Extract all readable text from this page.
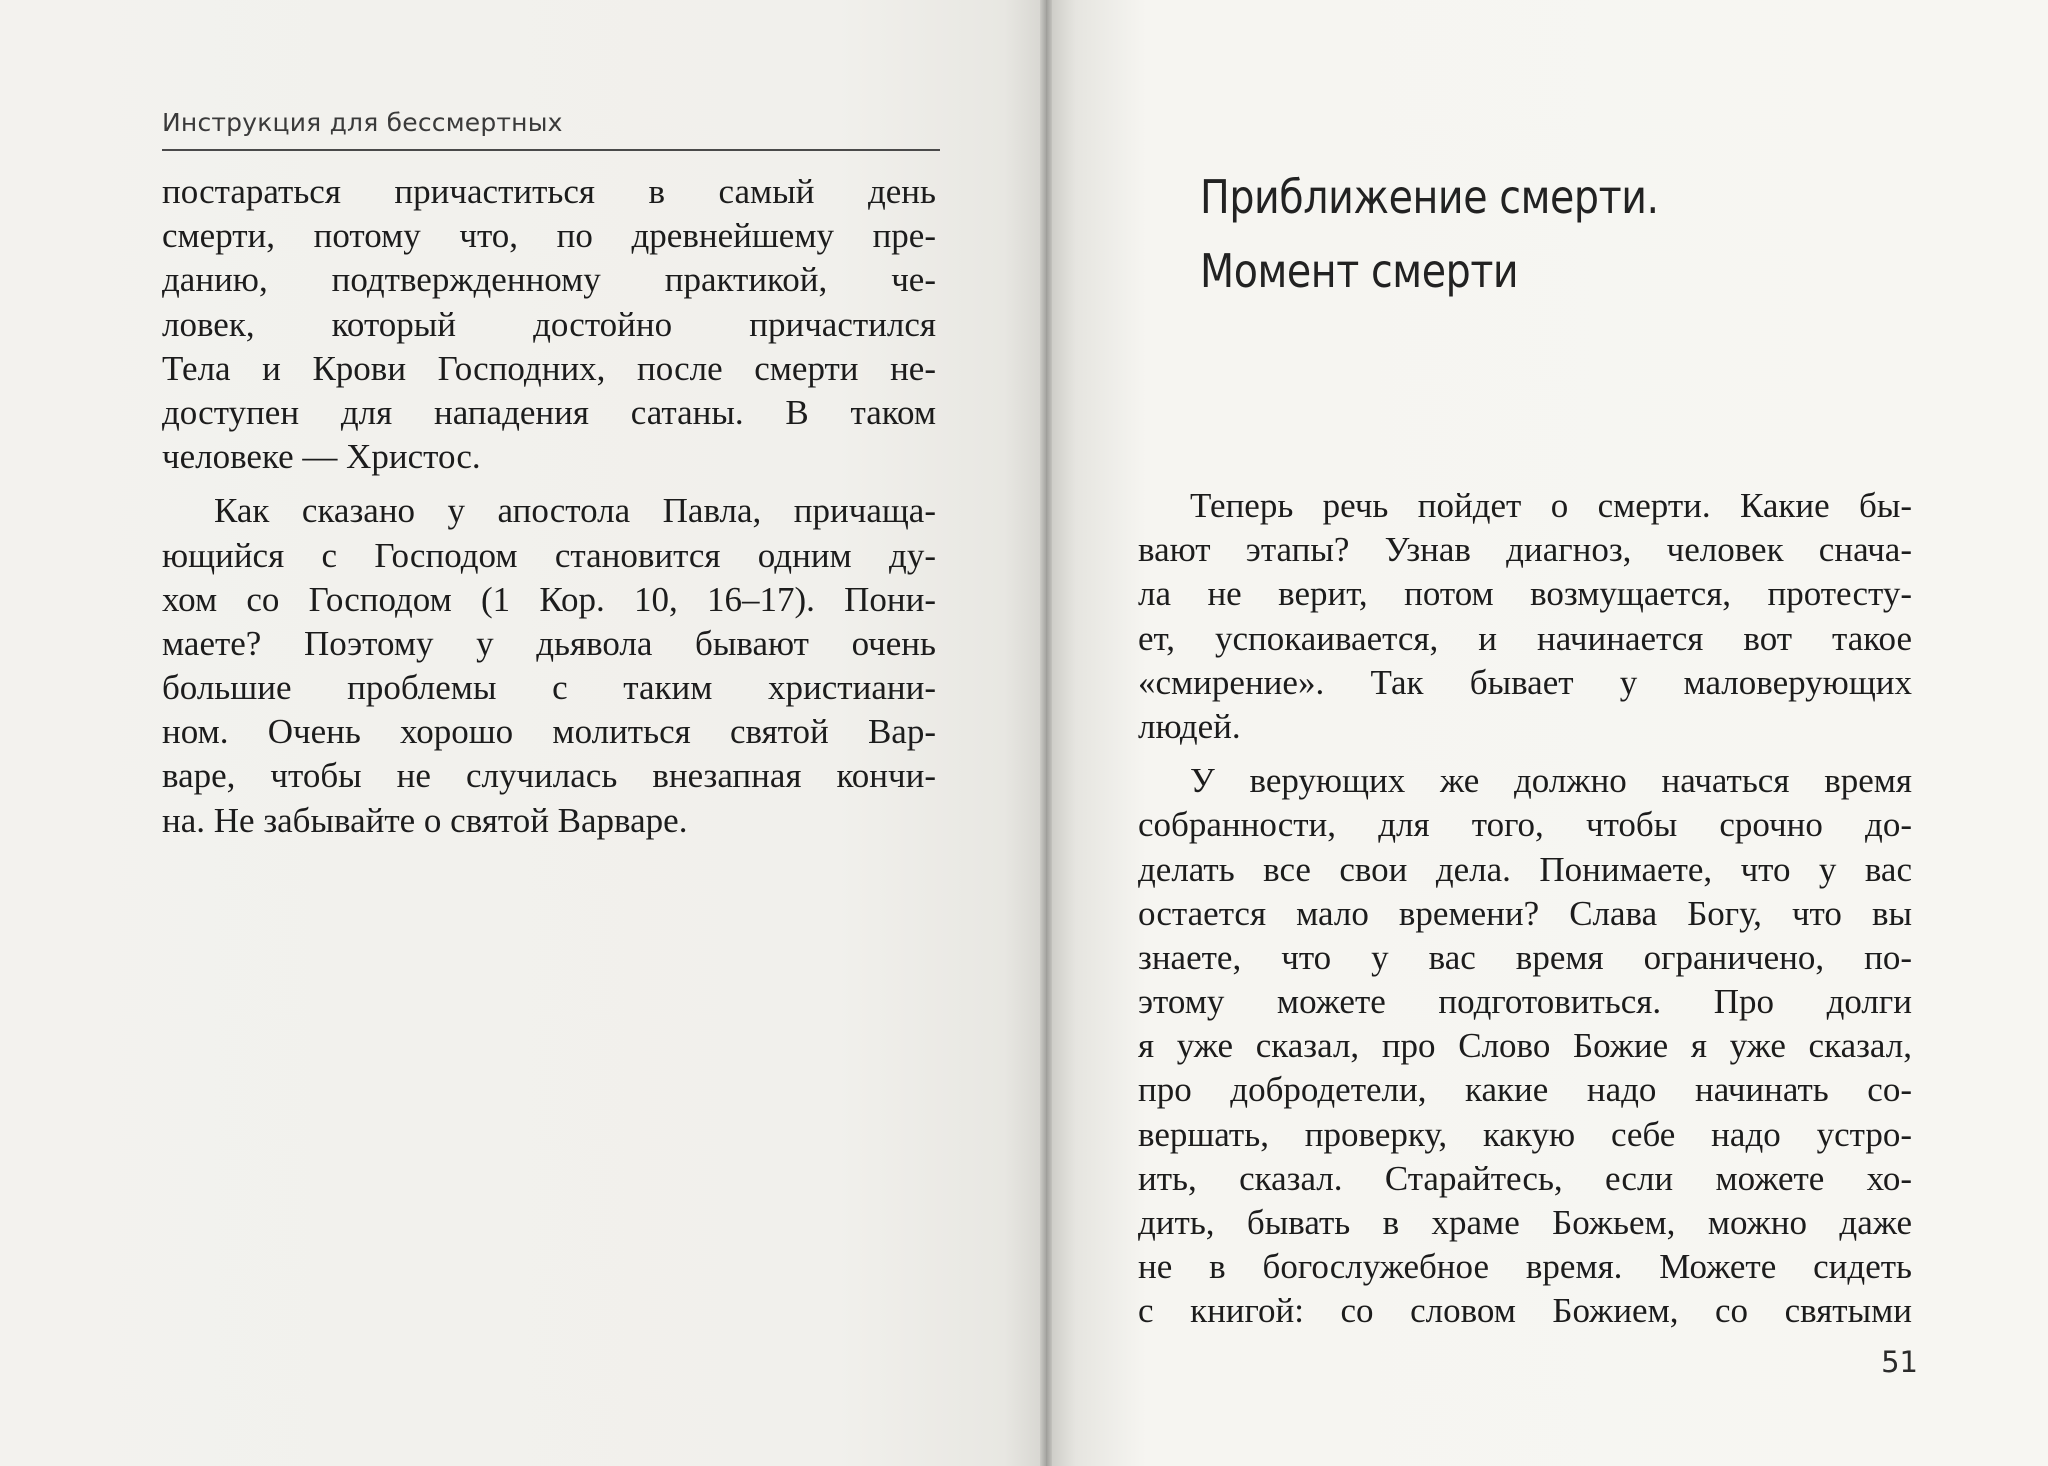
Инструкция для бессмертных
постараться причаститься в самый день
смерти, потому что, по древнейшему пре-
данию, подтвержденному практикой, че-
ловек, который достойно причастился
Тела и Крови Господних, после смерти не-
доступен для нападения сатаны. В таком
человеке — Христос.
Как сказано у апостола Павла, причаща-
ющийся с Господом становится одним ду-
хом со Господом (1 Кор. 10, 16–17). Пони-
маете? Поэтому у дьявола бывают очень
большие проблемы с таким христиани-
ном. Очень хорошо молиться святой Вар-
варе, чтобы не случилась внезапная кончи-
на. Не забывайте о святой Варваре.
Приближение смерти.
Момент смерти
Теперь речь пойдет о смерти. Какие бы-
вают этапы? Узнав диагноз, человек снача-
ла не верит, потом возмущается, протесту-
ет, успокаивается, и начинается вот такое
«смирение». Так бывает у маловерующих
людей.
У верующих же должно начаться время
собранности, для того, чтобы срочно до-
делать все свои дела. Понимаете, что у вас
остается мало времени? Слава Богу, что вы
знаете, что у вас время ограничено, по-
этому можете подготовиться. Про долги
я уже сказал, про Слово Божие я уже сказал,
про добродетели, какие надо начинать со-
вершать, проверку, какую себе надо устро-
ить, сказал. Старайтесь, если можете хо-
дить, бывать в храме Божьем, можно даже
не в богослужебное время. Можете сидеть
с книгой: со словом Божием, со святыми
51
